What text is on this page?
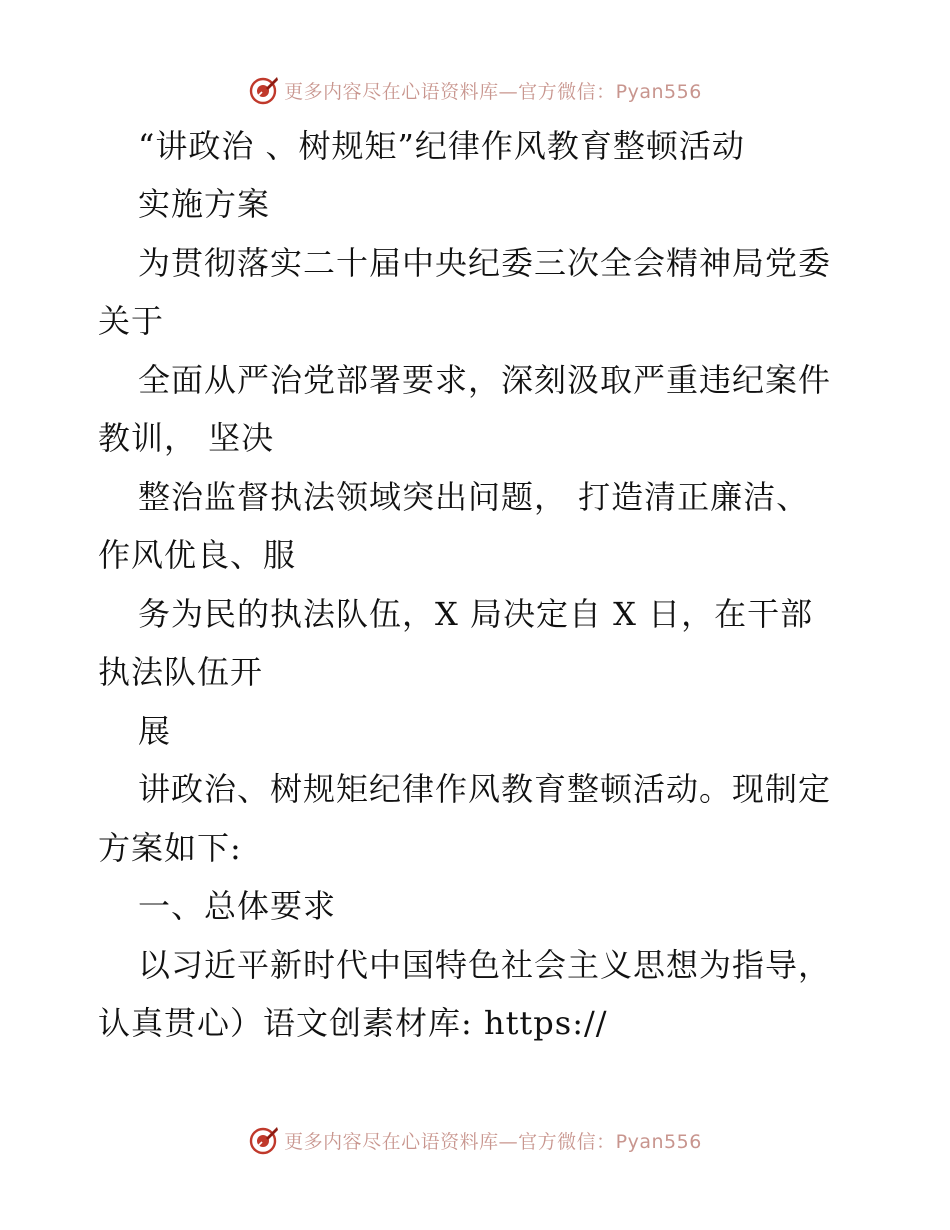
更多内容尽在心语资料库—官方微信：Pyan556
“讲政治 、树规矩”纪律作风教育整顿活动
实施方案
为贯彻落实二十届中央纪委三次全会精神局党委
关于
全面从严治党部署要求，深刻汲取严重违纪案件
教训， 坚决
整治监督执法领域突出问题， 打造清正廉洁、
作风优良、服
务为民的执法队伍，X 局决定自 X 日，在干部
执法队伍开
展
讲政治、树规矩纪律作风教育整顿活动。现制定
方案如下:
一、总体要求
以习近平新时代中国特色社会主义思想为指导，
认真贯心）语文创素材库: https://
更多内容尽在心语资料库—官方微信：Pyan556
